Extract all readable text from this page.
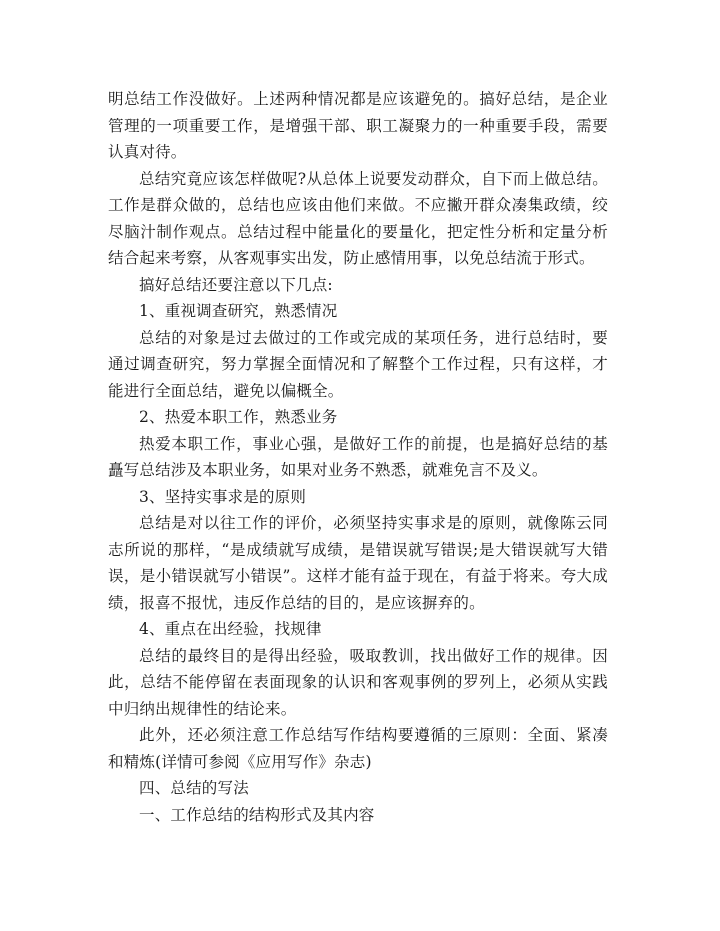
明总结工作没做好。上述两种情况都是应该避免的。搞好总结，是企业管理的一项重要工作，是增强干部、职工凝聚力的一种重要手段，需要认真对待。

总结究竟应该怎样做呢?从总体上说要发动群众，自下而上做总结。工作是群众做的，总结也应该由他们来做。不应撇开群众凑集政绩，绞尽脑汁制作观点。总结过程中能量化的要量化，把定性分析和定量分析结合起来考察，从客观事实出发，防止感情用事，以免总结流于形式。

搞好总结还要注意以下几点:

1、重视调查研究，熟悉情况

总结的对象是过去做过的工作或完成的某项任务，进行总结时，要通过调查研究，努力掌握全面情况和了解整个工作过程，只有这样，才能进行全面总结，避免以偏概全。

2、热爱本职工作，熟悉业务

热爱本职工作，事业心强，是做好工作的前提，也是搞好总结的基矗写总结涉及本职业务，如果对业务不熟悉，就难免言不及义。

3、坚持实事求是的原则

总结是对以往工作的评价，必须坚持实事求是的原则，就像陈云同志所说的那样，“是成绩就写成绩，是错误就写错误;是大错误就写大错误，是小错误就写小错误”。这样才能有益于现在，有益于将来。夸大成绩，报喜不报忧，违反作总结的目的，是应该摒弃的。

4、重点在出经验，找规律

总结的最终目的是得出经验，吸取教训，找出做好工作的规律。因此，总结不能停留在表面现象的认识和客观事例的罗列上，必须从实践中归纳出规律性的结论来。

此外，还必须注意工作总结写作结构要遵循的三原则：全面、紧凑和精炼(详情可参阅《应用写作》杂志)

四、总结的写法

一、工作总结的结构形式及其内容
